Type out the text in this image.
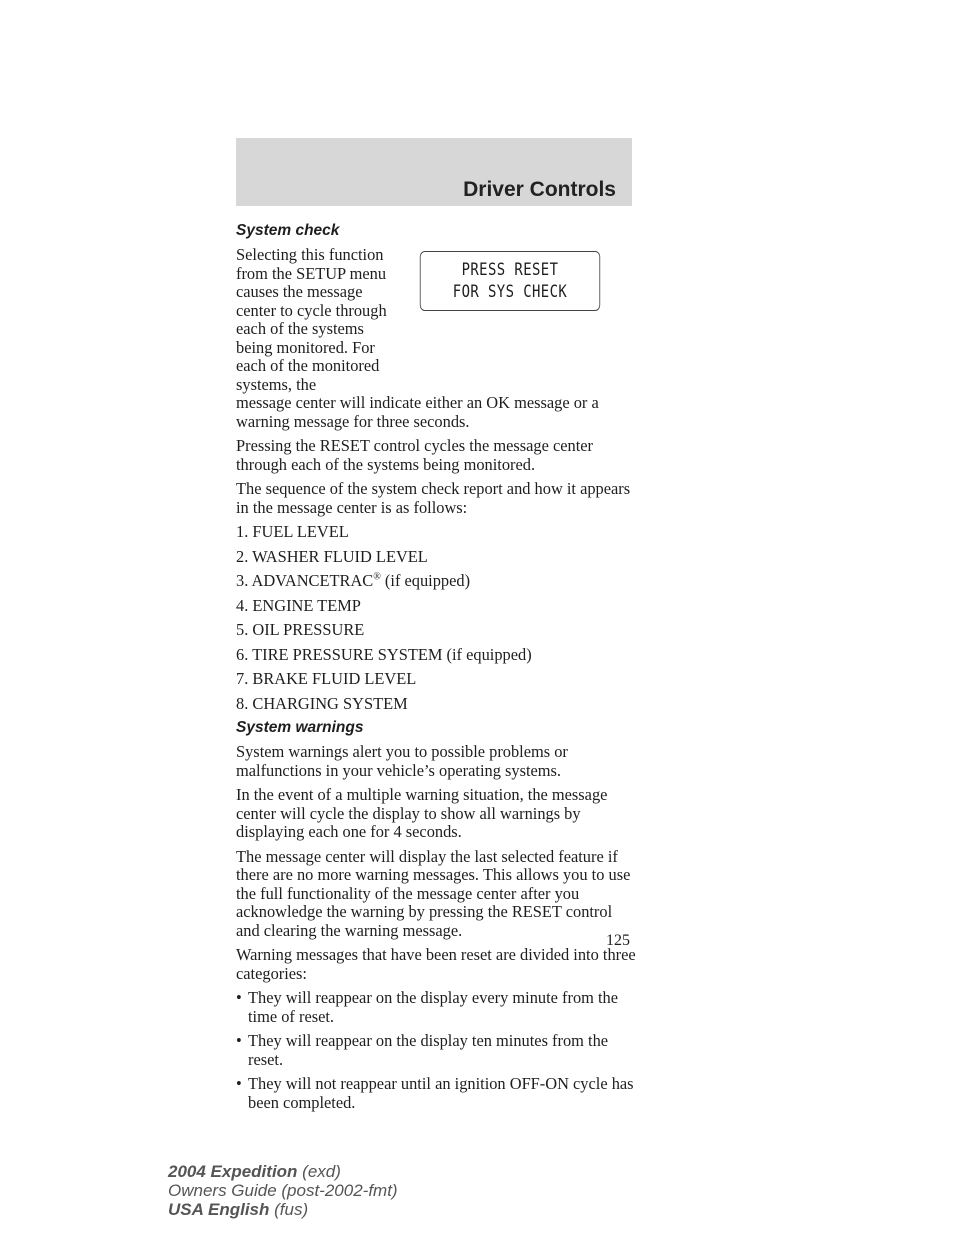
Driver Controls
PRESS RESET
FOR SYS CHECK
System check
Selecting this function from the SETUP menu causes the message center to cycle through each of the systems being monitored. For each of the monitored systems, the
message center will indicate either an OK message or a warning message for three seconds.
Pressing the RESET control cycles the message center through each of the systems being monitored.
The sequence of the system check report and how it appears in the message center is as follows:
1. FUEL LEVEL
2. WASHER FLUID LEVEL
3. ADVANCETRAC® (if equipped)
4. ENGINE TEMP
5. OIL PRESSURE
6. TIRE PRESSURE SYSTEM (if equipped)
7. BRAKE FLUID LEVEL
8. CHARGING SYSTEM
System warnings
System warnings alert you to possible problems or malfunctions in your vehicle’s operating systems.
In the event of a multiple warning situation, the message center will cycle the display to show all warnings by displaying each one for 4 seconds.
The message center will display the last selected feature if there are no more warning messages. This allows you to use the full functionality of the message center after you acknowledge the warning by pressing the RESET control and clearing the warning message.
Warning messages that have been reset are divided into three categories:
• They will reappear on the display every minute from the time of reset.
• They will reappear on the display ten minutes from the reset.
• They will not reappear until an ignition OFF-ON cycle has been completed.
125
2004 Expedition (exd)
Owners Guide (post-2002-fmt)
USA English (fus)
